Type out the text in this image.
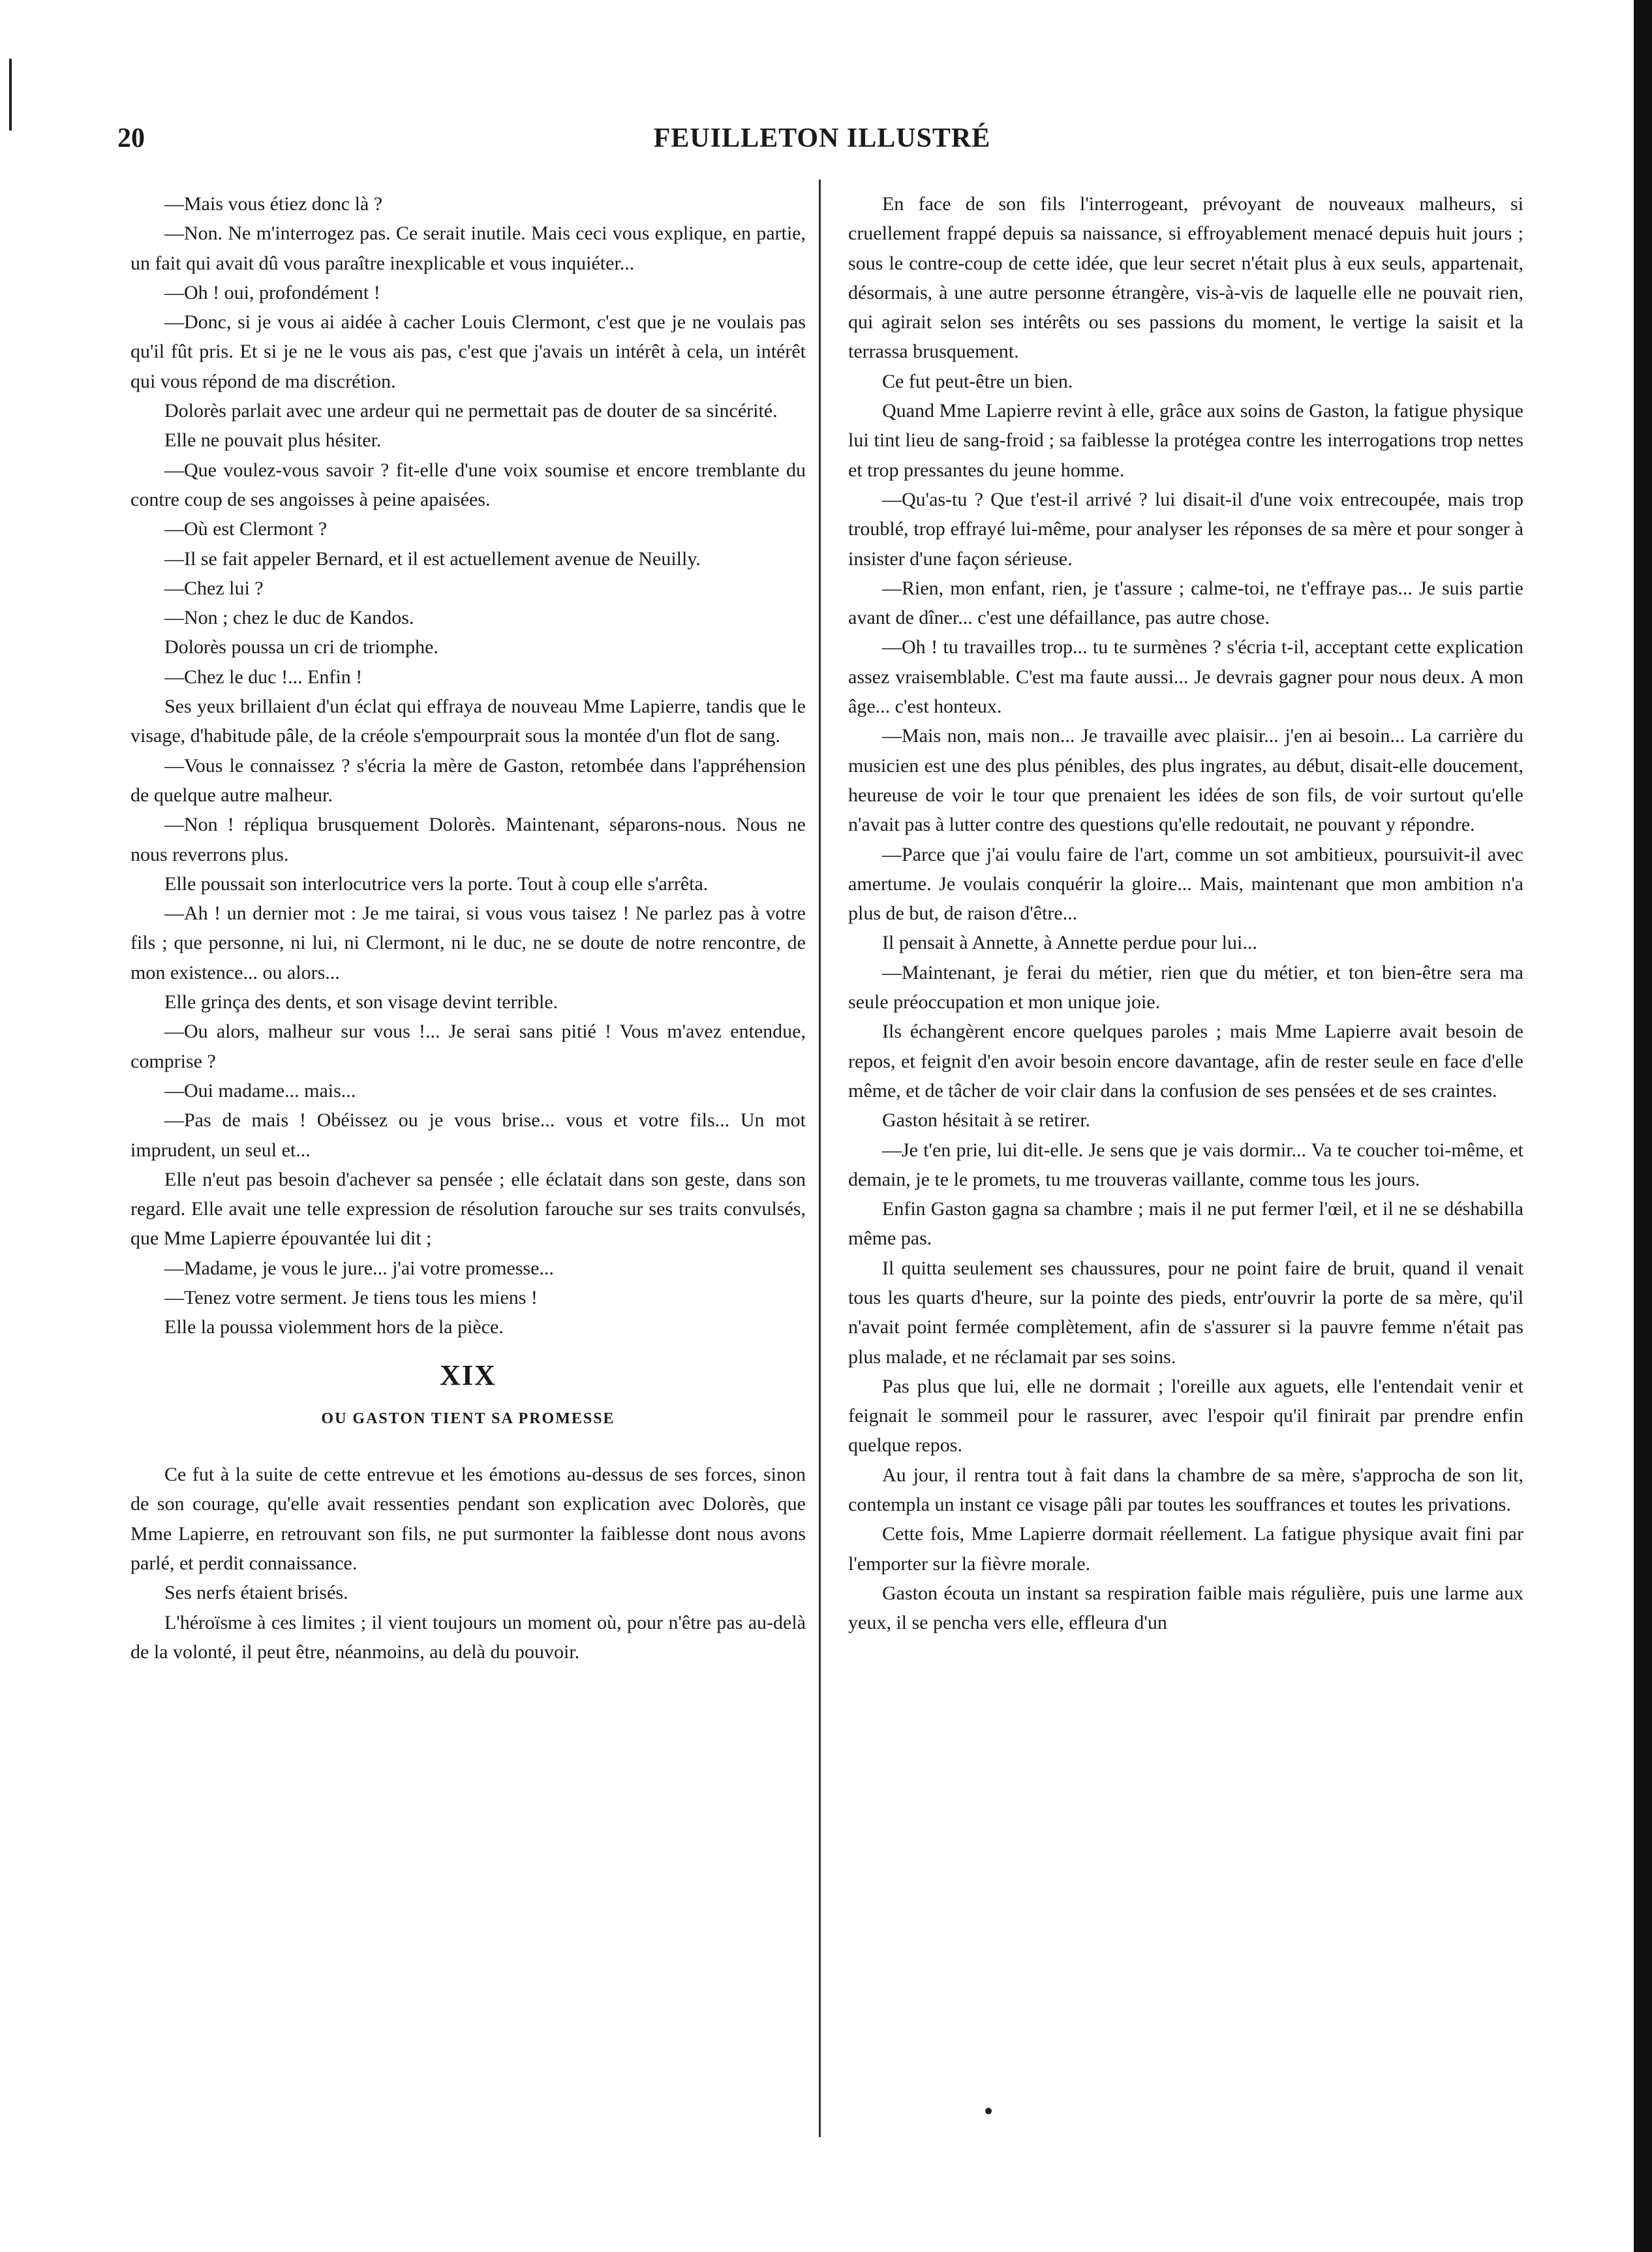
20	FEUILLETON ILLUSTRÉ

—Mais vous étiez donc là ?

—Non. Ne m'interrogez pas. Ce serait inutile. Mais ceci vous explique, en partie, un fait qui avait dû vous paraître inexplicable et vous inquiéter...

—Oh ! oui, profondément !

—Donc, si je vous ai aidée à cacher Louis Clermont, c'est que je ne voulais pas qu'il fût pris. Et si je ne le vous ais pas, c'est que j'avais un intérêt à cela, un intérêt qui vous répond de ma discrétion.

Dolorès parlait avec une ardeur qui ne permettait pas de douter de sa sincérité.

Elle ne pouvait plus hésiter.

—Que voulez-vous savoir ? fit-elle d'une voix soumise et encore tremblante du contre coup de ses angoisses à peine apaisées.

—Où est Clermont ?

—Il se fait appeler Bernard, et il est actuellement avenue de Neuilly.

—Chez lui ?

—Non ; chez le duc de Kandos.

Dolorès poussa un cri de triomphe.

—Chez le duc !... Enfin !

Ses yeux brillaient d'un éclat qui effraya de nouveau Mme Lapierre, tandis que le visage, d'habitude pâle, de la créole s'empourprait sous la montée d'un flot de sang.

—Vous le connaissez ? s'écria la mère de Gaston, retombée dans l'appréhension de quelque autre malheur.

—Non ! répliqua brusquement Dolorès. Maintenant, séparons-nous. Nous ne nous reverrons plus.

Elle poussait son interlocutrice vers la porte. Tout à coup elle s'arrêta.

—Ah ! un dernier mot : Je me tairai, si vous vous taisez ! Ne parlez pas à votre fils ; que personne, ni lui, ni Clermont, ni le duc, ne se doute de notre rencontre, de mon existence... ou alors...

Elle grinça des dents, et son visage devint terrible.

—Ou alors, malheur sur vous !... Je serai sans pitié ! Vous m'avez entendue, comprise ?

—Oui madame... mais...

—Pas de mais ! Obéissez ou je vous brise... vous et votre fils... Un mot imprudent, un seul et...

Elle n'eut pas besoin d'achever sa pensée ; elle éclatait dans son geste, dans son regard. Elle avait une telle expression de résolution farouche sur ses traits convulsés, que Mme Lapierre épouvantée lui dit ;

—Madame, je vous le jure... j'ai votre promesse...

—Tenez votre serment. Je tiens tous les miens !

Elle la poussa violemment hors de la pièce.

XIX
OU GASTON TIENT SA PROMESSE

Ce fut à la suite de cette entrevue et les émotions au-dessus de ses forces, sinon de son courage, qu'elle avait ressenties pendant son explication avec Dolorès, que Mme Lapierre, en retrouvant son fils, ne put surmonter la faiblesse dont nous avons parlé, et perdit connaissance.

Ses nerfs étaient brisés.

L'héroïsme à ces limites ; il vient toujours un moment où, pour n'être pas au-delà de la volonté, il peut être, néanmoins, au delà du pouvoir.

En face de son fils l'interrogeant, prévoyant de nouveaux malheurs, si cruellement frappé depuis sa naissance, si effroyablement menacé depuis huit jours ; sous le contre-coup de cette idée, que leur secret n'était plus à eux seuls, appartenait, désormais, à une autre personne étrangère, vis-à-vis de laquelle elle ne pouvait rien, qui agirait selon ses intérêts ou ses passions du moment, le vertige la saisit et la terrassa brusquement.

Ce fut peut-être un bien.

Quand Mme Lapierre revint à elle, grâce aux soins de Gaston, la fatigue physique lui tint lieu de sang-froid ; sa faiblesse la protégea contre les interrogations trop nettes et trop pressantes du jeune homme.

—Qu'as-tu ? Que t'est-il arrivé ? lui disait-il d'une voix entrecoupée, mais trop troublé, trop effrayé lui-même, pour analyser les réponses de sa mère et pour songer à insister d'une façon sérieuse.

—Rien, mon enfant, rien, je t'assure ; calme-toi, ne t'effraye pas... Je suis partie avant de dîner... c'est une défaillance, pas autre chose.

—Oh ! tu travailles trop... tu te surmènes ? s'écria t-il, acceptant cette explication assez vraisemblable. C'est ma faute aussi... Je devrais gagner pour nous deux. A mon âge... c'est honteux.

—Mais non, mais non... Je travaille avec plaisir... j'en ai besoin... La carrière du musicien est une des plus pénibles, des plus ingrates, au début, disait-elle doucement, heureuse de voir le tour que prenaient les idées de son fils, de voir surtout qu'elle n'avait pas à lutter contre des questions qu'elle redoutait, ne pouvant y répondre.

—Parce que j'ai voulu faire de l'art, comme un sot ambitieux, poursuivit-il avec amertume. Je voulais conquérir la gloire... Mais, maintenant que mon ambition n'a plus de but, de raison d'être...

Il pensait à Annette, à Annette perdue pour lui...

—Maintenant, je ferai du métier, rien que du métier, et ton bien-être sera ma seule préoccupation et mon unique joie.

Ils échangèrent encore quelques paroles ; mais Mme Lapierre avait besoin de repos, et feignit d'en avoir besoin encore davantage, afin de rester seule en face d'elle même, et de tâcher de voir clair dans la confusion de ses pensées et de ses craintes.

Gaston hésitait à se retirer.

—Je t'en prie, lui dit-elle. Je sens que je vais dormir... Va te coucher toi-même, et demain, je te le promets, tu me trouveras vaillante, comme tous les jours.

Enfin Gaston gagna sa chambre ; mais il ne put fermer l'œil, et il ne se déshabilla même pas.

Il quitta seulement ses chaussures, pour ne point faire de bruit, quand il venait tous les quarts d'heure, sur la pointe des pieds, entr'ouvrir la porte de sa mère, qu'il n'avait point fermée complètement, afin de s'assurer si la pauvre femme n'était pas plus malade, et ne réclamait par ses soins.

Pas plus que lui, elle ne dormait ; l'oreille aux aguets, elle l'entendait venir et feignait le sommeil pour le rassurer, avec l'espoir qu'il finirait par prendre enfin quelque repos.

Au jour, il rentra tout à fait dans la chambre de sa mère, s'approcha de son lit, contempla un instant ce visage pâli par toutes les souffrances et toutes les privations.

Cette fois, Mme Lapierre dormait réellement. La fatigue physique avait fini par l'emporter sur la fièvre morale.

Gaston écouta un instant sa respiration faible mais régulière, puis une larme aux yeux, il se pencha vers elle, effleura d'un
